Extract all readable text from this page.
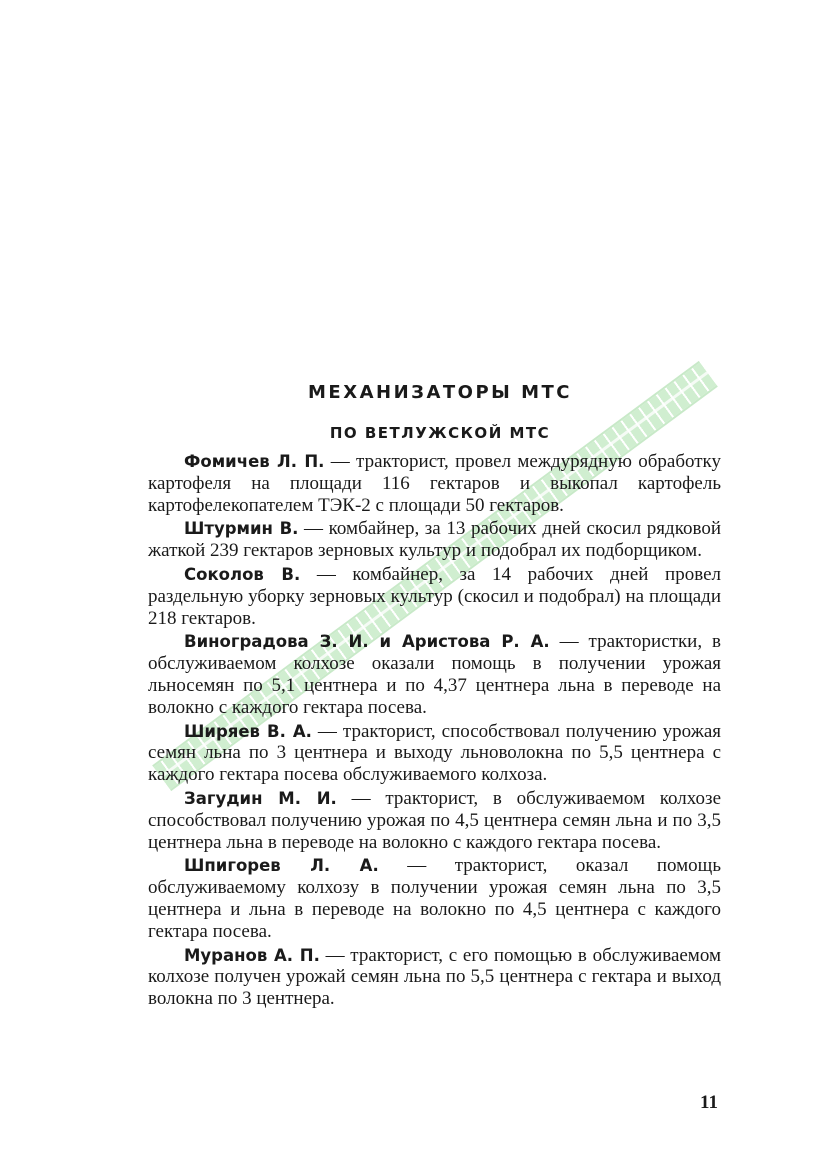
МЕХАНИЗАТОРЫ МТС
ПО ВЕТЛУЖСКОЙ МТС

Фомичев Л. П. — тракторист, провел междурядную обработку картофеля на площади 116 гектаров и выкопал картофель картофелекопателем ТЭК-2 с площади 50 гектаров.

Штурмин В. — комбайнер, за 13 рабочих дней скосил рядковой жаткой 239 гектаров зерновых культур и подобрал их подборщиком.

Соколов В. — комбайнер, за 14 рабочих дней провел раздельную уборку зерновых культур (скосил и подобрал) на площади 218 гектаров.

Виноградова З. И. и Аристова Р. А. — трактористки, в обслуживаемом колхозе оказали помощь в получении урожая льносемян по 5,1 центнера и по 4,37 центнера льна в переводе на волокно с каждого гектара посева.

Ширяев В. А. — тракторист, способствовал получению урожая семян льна по 3 центнера и выходу льноволокна по 5,5 центнера с каждого гектара посева обслуживаемого колхоза.

Загудин М. И. — тракторист, в обслуживаемом колхозе способствовал получению урожая по 4,5 центнера семян льна и по 3,5 центнера льна в переводе на волокно с каждого гектара посева.

Шпигорев Л. А. — тракторист, оказал помощь обслуживаемому колхозу в получении урожая семян льна по 3,5 центнера и льна в переводе на волокно по 4,5 центнера с каждого гектара посева.

Муранов А. П. — тракторист, с его помощью в обслуживаемом колхозе получен урожай семян льна по 5,5 центнера с гектара и выход волокна по 3 центнера.

11
